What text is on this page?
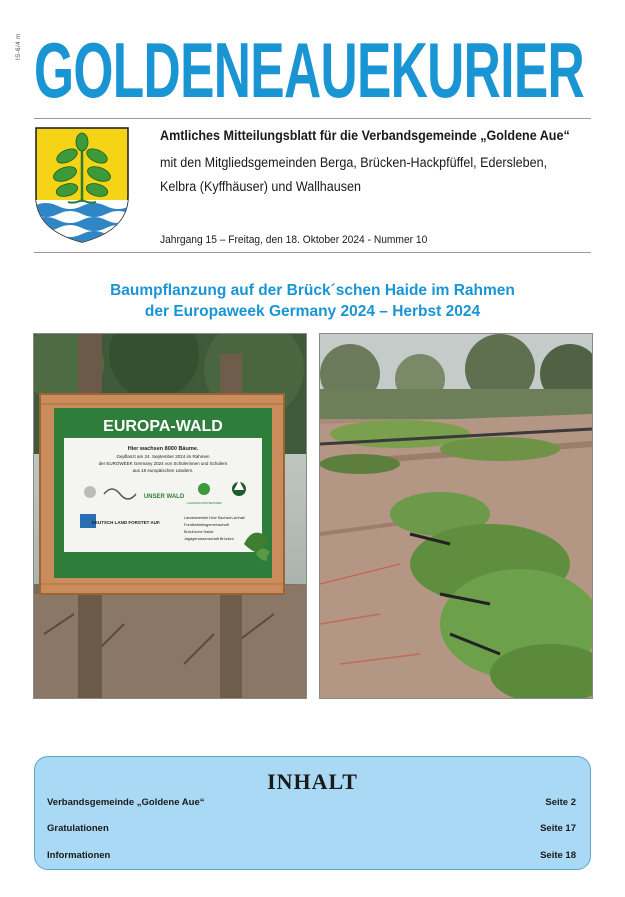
IS-6/4 m GOLDENEAUEKURIER
Amtliches Mitteilungsblatt für die Verbandsgemeinde „Goldene Aue“
mit den Mitgliedsgemeinden Berga, Brücken-Hackpfüffel, Edersleben,
Kelbra (Kyffhäuser) und Wallhausen
Jahrgang 15 – Freitag, den 18. Oktober 2024 - Nummer 10
Baumpflanzung auf der Brück´schen Haide im Rahmen
der Europaweek Germany 2024 – Herbst 2024
EUROPA-WALD
Hier wachsen 8000 Bäume.
Gepflanzt am 24. September 2024 im Rahmen
der EUROWEEK Germany 2024 von Schülerinnen und Schülern
aus 18 europäischen Ländern.
UNSER WALD
LANDESFORSTBETRIEB
DEUTSCH LAND FORSTET AUF.
Landesbetrieb Holz Sachsen-Anhalt
Forstbetriebsgemeinschaft
Brück'sche Haide
Jagdgenossenschaft Brücken
INHALT
Verbandsgemeinde „Goldene Aue“	Seite 2
Gratulationen	Seite 17
Informationen	Seite 18
